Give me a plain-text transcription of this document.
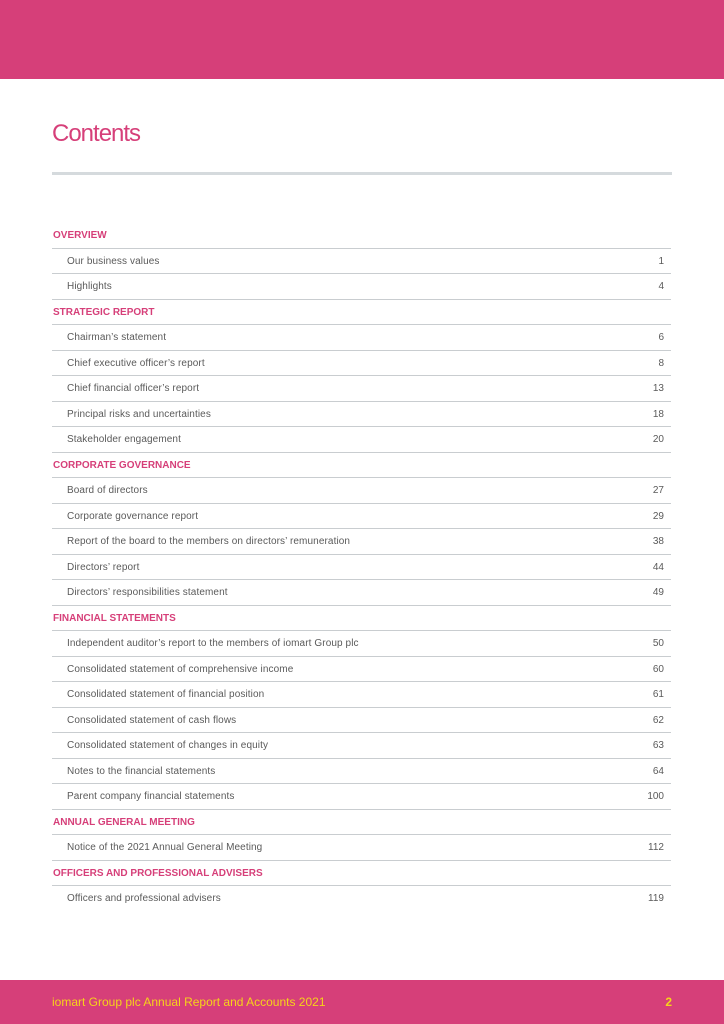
Contents
OVERVIEW
Our business values	1
Highlights	4
STRATEGIC REPORT
Chairman’s statement	6
Chief executive officer’s report	8
Chief financial officer’s report	13
Principal risks and uncertainties	18
Stakeholder engagement	20
CORPORATE GOVERNANCE
Board of directors	27
Corporate governance report	29
Report of the board to the members on directors’ remuneration	38
Directors’ report	44
Directors’ responsibilities statement	49
FINANCIAL STATEMENTS
Independent auditor’s report to the members of iomart Group plc	50
Consolidated statement of comprehensive income	60
Consolidated statement of financial position	61
Consolidated statement of cash flows	62
Consolidated statement of changes in equity	63
Notes to the financial statements	64
Parent company financial statements	100
ANNUAL GENERAL MEETING
Notice of the 2021 Annual General Meeting	112
OFFICERS AND PROFESSIONAL ADVISERS
Officers and professional advisers	119
iomart Group plc Annual Report and Accounts 2021	2
